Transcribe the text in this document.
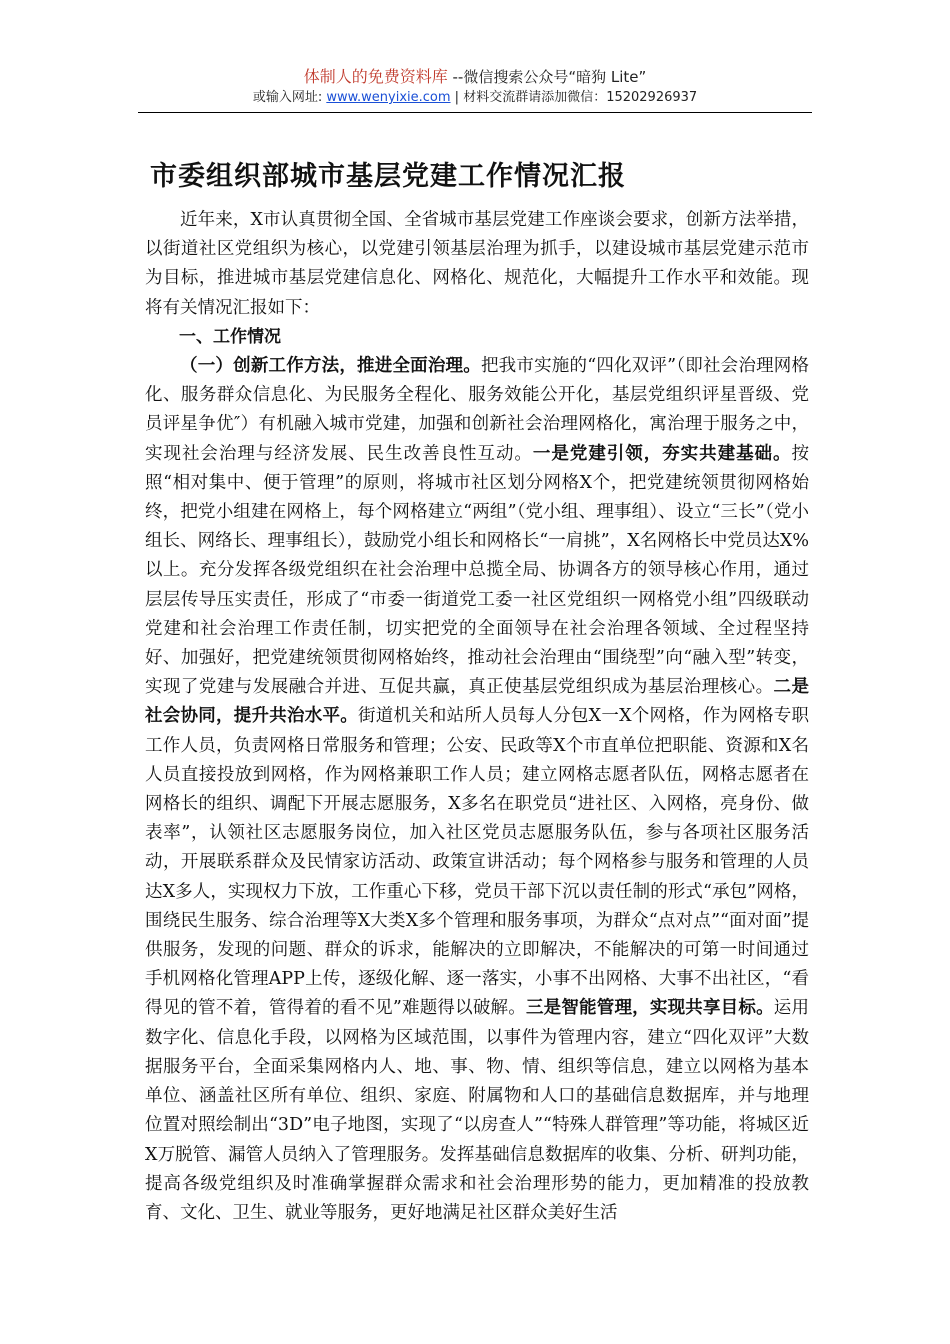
体制人的免费资料库 --微信搜索公众号“暗狗 Lite”
或输入网址: www.wenyixie.com | 材料交流群请添加微信：15202926937
市委组织部城市基层党建工作情况汇报

近年来，X市认真贯彻全国、全省城市基层党建工作座谈会要求，创新方法举措，以街道社区党组织为核心，以党建引领基层治理为抓手，以建设城市基层党建示范市为目标，推进城市基层党建信息化、网格化、规范化，大幅提升工作水平和效能。现将有关情况汇报如下：

一、工作情况

（一）创新工作方法，推进全面治理。把我市实施的“四化双评”（即社会治理网格化、服务群众信息化、为民服务全程化、服务效能公开化，基层党组织评星晋级、党员评星争优″）有机融入城市党建，加强和创新社会治理网格化，寓治理于服务之中，实现社会治理与经济发展、民生改善良性互动。一是党建引领，夯实共建基础。按照“相对集中、便于管理”的原则，将城市社区划分网格X个，把党建统领贯彻网格始终，把党小组建在网格上，每个网格建立“两组”（党小组、理事组）、设立“三长”（党小组长、网络长、理事组长），鼓励党小组长和网格长“一肩挑”，X名网格长中党员达X%以上。充分发挥各级党组织在社会治理中总揽全局、协调各方的领导核心作用，通过层层传导压实责任，形成了“市委一街道党工委一社区党组织一网格党小组”四级联动党建和社会治理工作责任制，切实把党的全面领导在社会治理各领域、全过程坚持好、加强好，把党建统领贯彻网格始终，推动社会治理由“围绕型”向“融入型”转变，实现了党建与发展融合并进、互促共赢，真正使基层党组织成为基层治理核心。二是社会协同，提升共治水平。街道机关和站所人员每人分包X一X个网格，作为网格专职工作人员，负责网格日常服务和管理；公安、民政等X个市直单位把职能、资源和X名人员直接投放到网格，作为网格兼职工作人员；建立网格志愿者队伍，网格志愿者在网格长的组织、调配下开展志愿服务，X多名在职党员“进社区、入网格，亮身份、做表率”，认领社区志愿服务岗位，加入社区党员志愿服务队伍，参与各项社区服务活动，开展联系群众及民情家访活动、政策宣讲活动；每个网格参与服务和管理的人员达X多人，实现权力下放，工作重心下移，党员干部下沉以责任制的形式“承包”网格，围绕民生服务、综合治理等X大类X多个管理和服务事项，为群众“点对点”“面对面”提供服务，发现的问题、群众的诉求，能解决的立即解决，不能解决的可第一时间通过手机网格化管理APP上传，逐级化解、逐一落实，小事不出网格、大事不出社区，“看得见的管不着，管得着的看不见”难题得以破解。三是智能管理，实现共享目标。运用数字化、信息化手段，以网格为区域范围，以事件为管理内容，建立“四化双评”大数据服务平台，全面采集网格内人、地、事、物、情、组织等信息，建立以网格为基本单位、涵盖社区所有单位、组织、家庭、附属物和人口的基础信息数据库，并与地理位置对照绘制出“3D”电子地图，实现了“以房查人”“特殊人群管理”等功能，将城区近X万脱管、漏管人员纳入了管理服务。发挥基础信息数据库的收集、分析、研判功能，提高各级党组织及时准确掌握群众需求和社会治理形势的能力，更加精准的投放教育、文化、卫生、就业等服务，更好地满足社区群众美好生活
